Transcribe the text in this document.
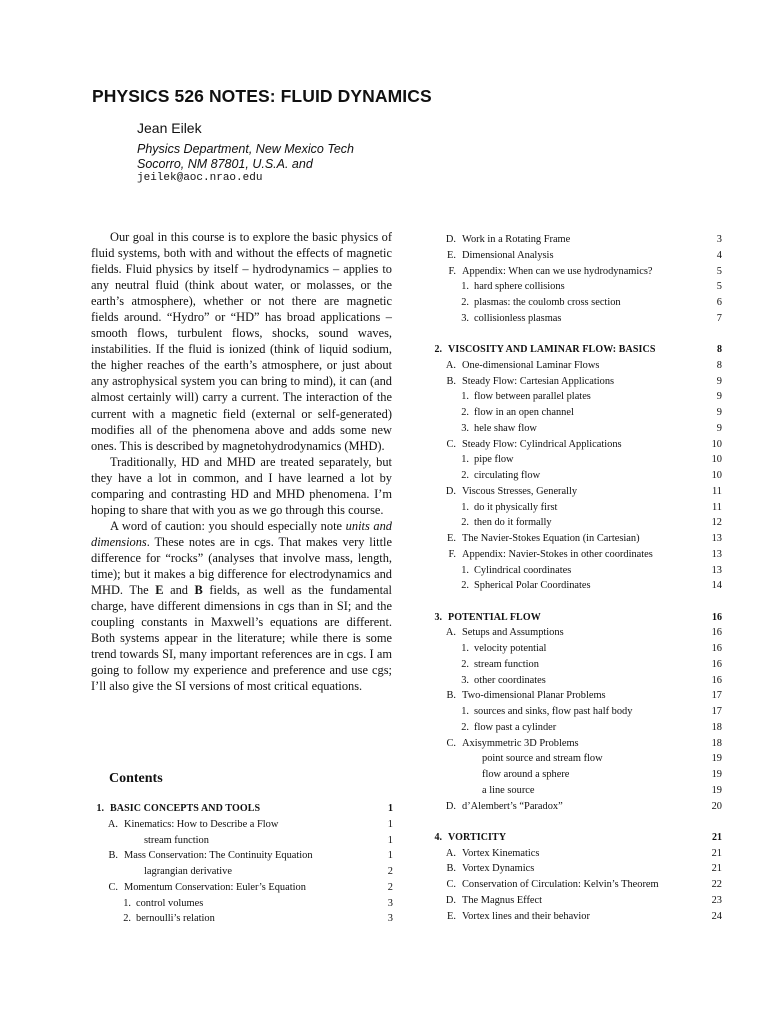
PHYSICS 526 NOTES: FLUID DYNAMICS
Jean Eilek
Physics Department, New Mexico Tech
Socorro, NM 87801, U.S.A. and
jeilek@aoc.nrao.edu

Our goal in this course is to explore the basic physics of fluid systems, both with and without the effects of magnetic fields. Fluid physics by itself – hydrodynamics – applies to any neutral fluid (think about water, or molasses, or the earth’s atmosphere), whether or not there are magnetic fields around. “Hydro” or “HD” has broad applications – smooth flows, turbulent flows, shocks, sound waves, instabilities. If the fluid is ionized (think of liquid sodium, the higher reaches of the earth’s atmosphere, or just about any astrophysical system you can bring to mind), it can (and almost certainly will) carry a current. The interaction of the current with a magnetic field (external or self-generated) modifies all of the phenomena above and adds some new ones. This is described by magnetohydrodynamics (MHD).

Traditionally, HD and MHD are treated separately, but they have a lot in common, and I have learned a lot by comparing and contrasting HD and MHD phenomena. I’m hoping to share that with you as we go through this course.

A word of caution: you should especially note units and dimensions. These notes are in cgs. That makes very little difference for “rocks” (analyses that involve mass, length, time); but it makes a big difference for electrodynamics and MHD. The E and B fields, as well as the fundamental charge, have different dimensions in cgs than in SI; and the coupling constants in Maxwell’s equations are different. Both systems appear in the literature; while there is some trend towards SI, many important references are in cgs. I am going to follow my experience and preference and use cgs; I’ll also give the SI versions of most critical equations.

Contents
1. BASIC CONCEPTS AND TOOLS	1
A. Kinematics: How to Describe a Flow	1
stream function	1
B. Mass Conservation: The Continuity Equation	1
lagrangian derivative	2
C. Momentum Conservation: Euler’s Equation	2
1. control volumes	3
2. bernoulli’s relation	3
D. Work in a Rotating Frame	3
E. Dimensional Analysis	4
F. Appendix: When can we use hydrodynamics?	5
1. hard sphere collisions	5
2. plasmas: the coulomb cross section	6
3. collisionless plasmas	7
2. VISCOSITY AND LAMINAR FLOW: BASICS	8
A. One-dimensional Laminar Flows	8
B. Steady Flow: Cartesian Applications	9
1. flow between parallel plates	9
2. flow in an open channel	9
3. hele shaw flow	9
C. Steady Flow: Cylindrical Applications	10
1. pipe flow	10
2. circulating flow	10
D. Viscous Stresses, Generally	11
1. do it physically first	11
2. then do it formally	12
E. The Navier-Stokes Equation (in Cartesian)	13
F. Appendix: Navier-Stokes in other coordinates	13
1. Cylindrical coordinates	13
2. Spherical Polar Coordinates	14
3. POTENTIAL FLOW	16
A. Setups and Assumptions	16
1. velocity potential	16
2. stream function	16
3. other coordinates	16
B. Two-dimensional Planar Problems	17
1. sources and sinks, flow past half body	17
2. flow past a cylinder	18
C. Axisymmetric 3D Problems	18
point source and stream flow	19
flow around a sphere	19
a line source	19
D. d’Alembert’s “Paradox”	20
4. VORTICITY	21
A. Vortex Kinematics	21
B. Vortex Dynamics	21
C. Conservation of Circulation: Kelvin’s Theorem	22
D. The Magnus Effect	23
E. Vortex lines and their behavior	24
